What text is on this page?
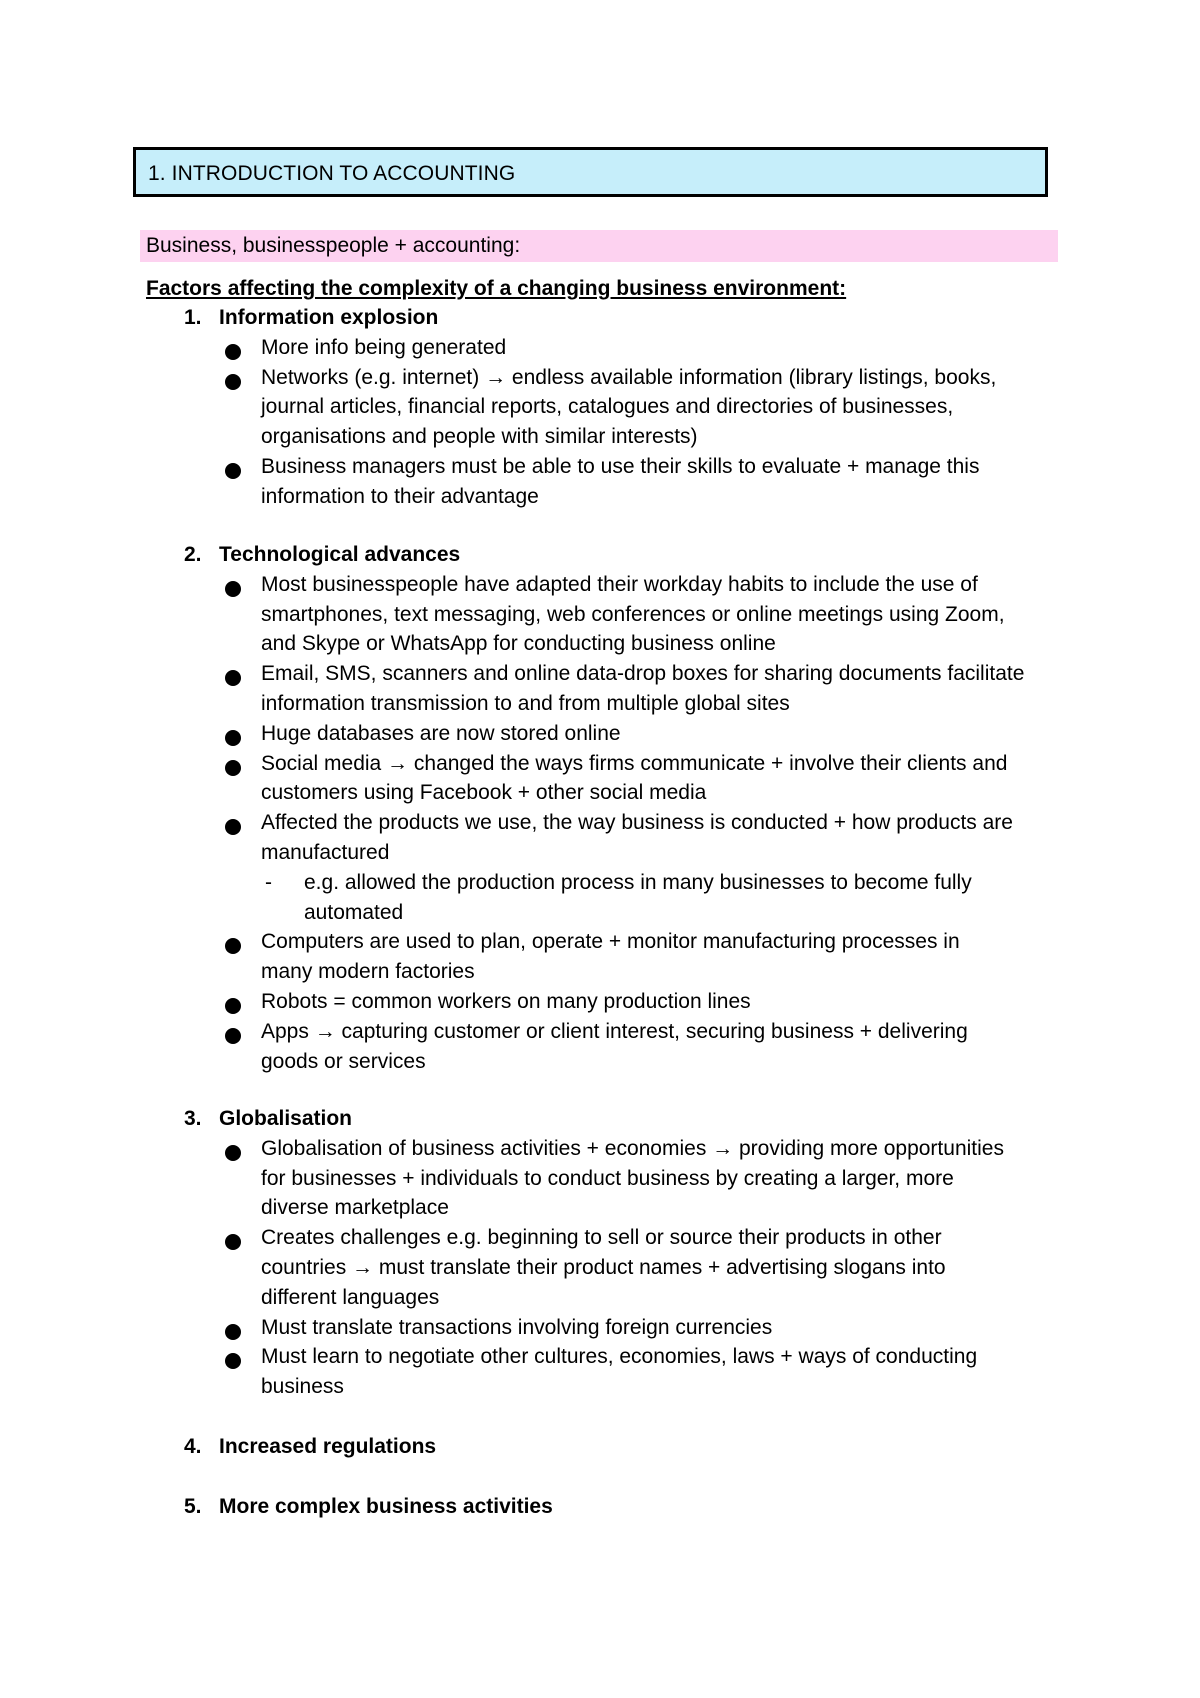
1. INTRODUCTION TO ACCOUNTING
Business, businesspeople + accounting:
Factors affecting the complexity of a changing business environment:
1. Information explosion
More info being generated
Networks (e.g. internet) → endless available information (library listings, books,
journal articles, financial reports, catalogues and directories of businesses,
organisations and people with similar interests)
Business managers must be able to use their skills to evaluate + manage this
information to their advantage
2. Technological advances
Most businesspeople have adapted their workday habits to include the use of
smartphones, text messaging, web conferences or online meetings using Zoom,
and Skype or WhatsApp for conducting business online
Email, SMS, scanners and online data-drop boxes for sharing documents facilitate
information transmission to and from multiple global sites
Huge databases are now stored online
Social media → changed the ways firms communicate + involve their clients and
customers using Facebook + other social media
Affected the products we use, the way business is conducted + how products are
manufactured
- e.g. allowed the production process in many businesses to become fully
automated
Computers are used to plan, operate + monitor manufacturing processes in
many modern factories
Robots = common workers on many production lines
Apps → capturing customer or client interest, securing business + delivering
goods or services
3. Globalisation
Globalisation of business activities + economies → providing more opportunities
for businesses + individuals to conduct business by creating a larger, more
diverse marketplace
Creates challenges e.g. beginning to sell or source their products in other
countries → must translate their product names + advertising slogans into
different languages
Must translate transactions involving foreign currencies
Must learn to negotiate other cultures, economies, laws + ways of conducting
business
4. Increased regulations
5. More complex business activities
